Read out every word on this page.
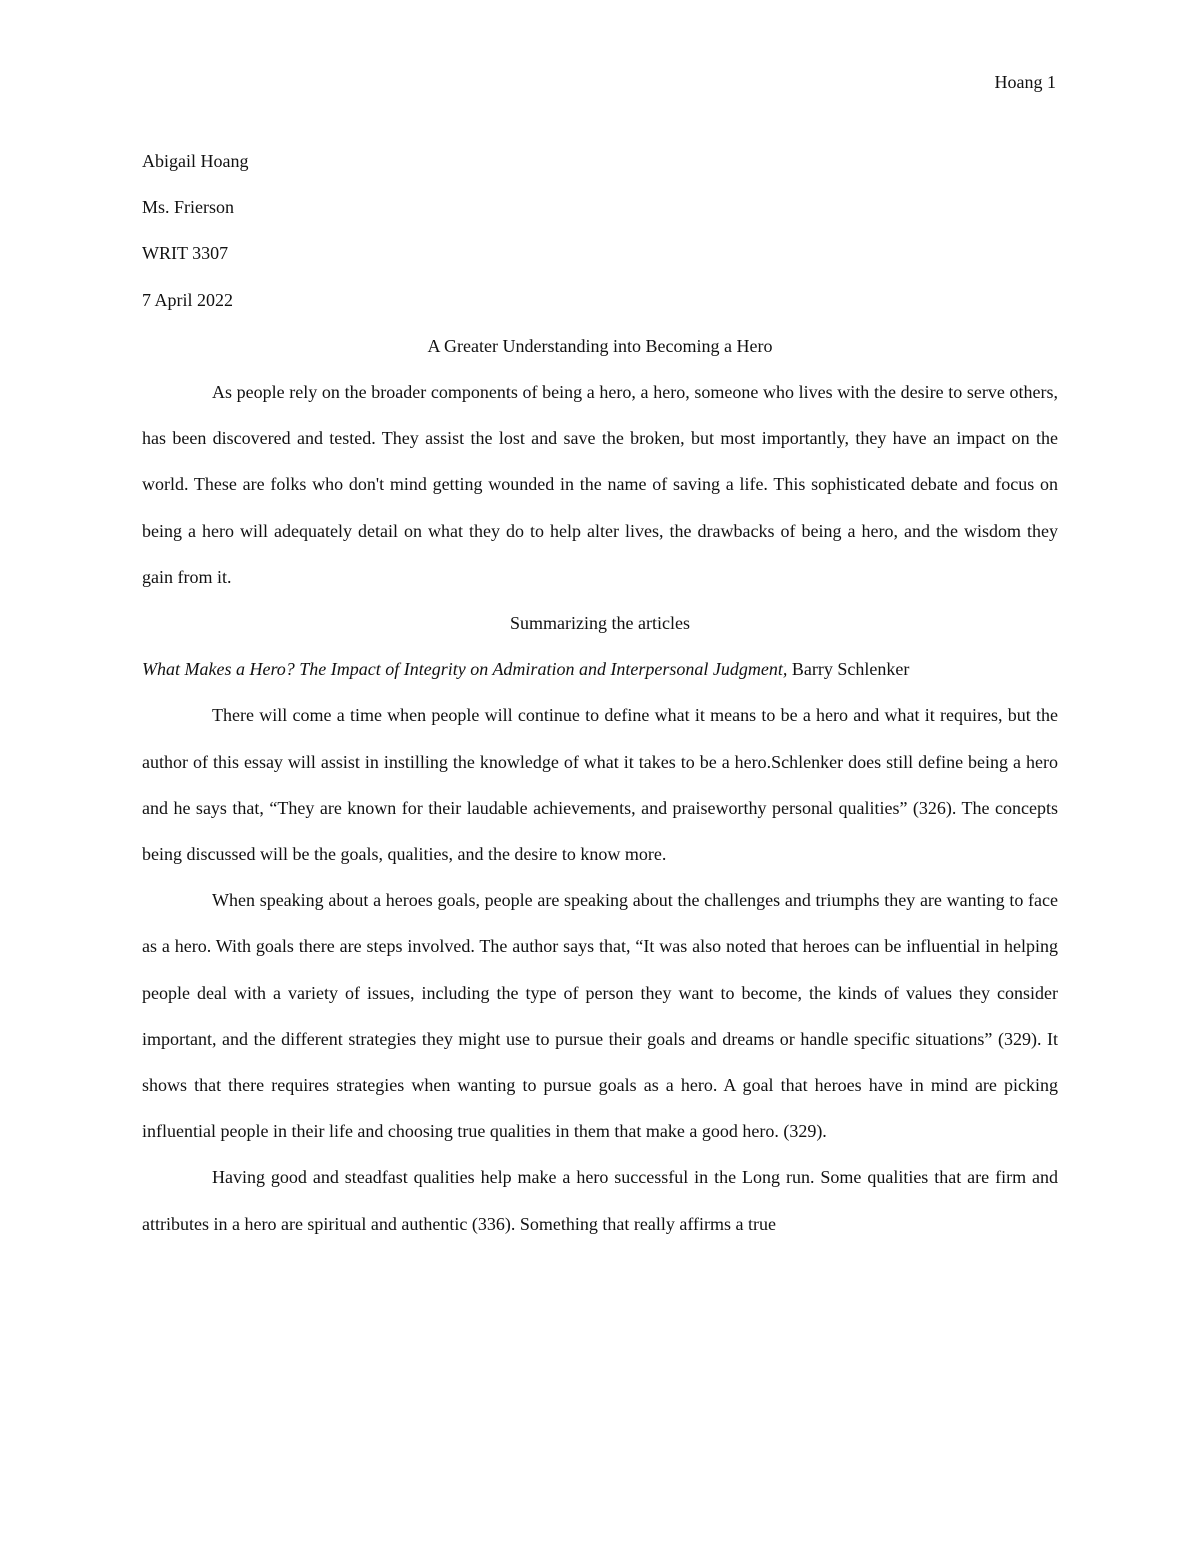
Hoang 1

Abigail Hoang

Ms. Frierson

WRIT 3307

7 April 2022

A Greater Understanding into Becoming a Hero

As people rely on the broader components of being a hero, a hero, someone who lives with the desire to serve others, has been discovered and tested. They assist the lost and save the broken, but most importantly, they have an impact on the world. These are folks who don't mind getting wounded in the name of saving a life. This sophisticated debate and focus on being a hero will adequately detail on what they do to help alter lives, the drawbacks of being a hero, and the wisdom they gain from it.

Summarizing the articles

What Makes a Hero? The Impact of Integrity on Admiration and Interpersonal Judgment, Barry Schlenker

There will come a time when people will continue to define what it means to be a hero and what it requires, but the author of this essay will assist in instilling the knowledge of what it takes to be a hero.Schlenker does still define being a hero and he says that, “They are known for their laudable achievements, and praiseworthy personal qualities” (326). The concepts being discussed will be the goals, qualities, and the desire to know more.

When speaking about a heroes goals, people are speaking about the challenges and triumphs they are wanting to face as a hero. With goals there are steps involved. The author says that, “It was also noted that heroes can be influential in helping people deal with a variety of issues, including the type of person they want to become, the kinds of values they consider important, and the different strategies they might use to pursue their goals and dreams or handle specific situations” (329). It shows that there requires strategies when wanting to pursue goals as a hero. A goal that heroes have in mind are picking influential people in their life and choosing true qualities in them that make a good hero. (329).

Having good and steadfast qualities help make a hero successful in the Long run. Some qualities that are firm and attributes in a hero are spiritual and authentic (336). Something that really affirms a true
